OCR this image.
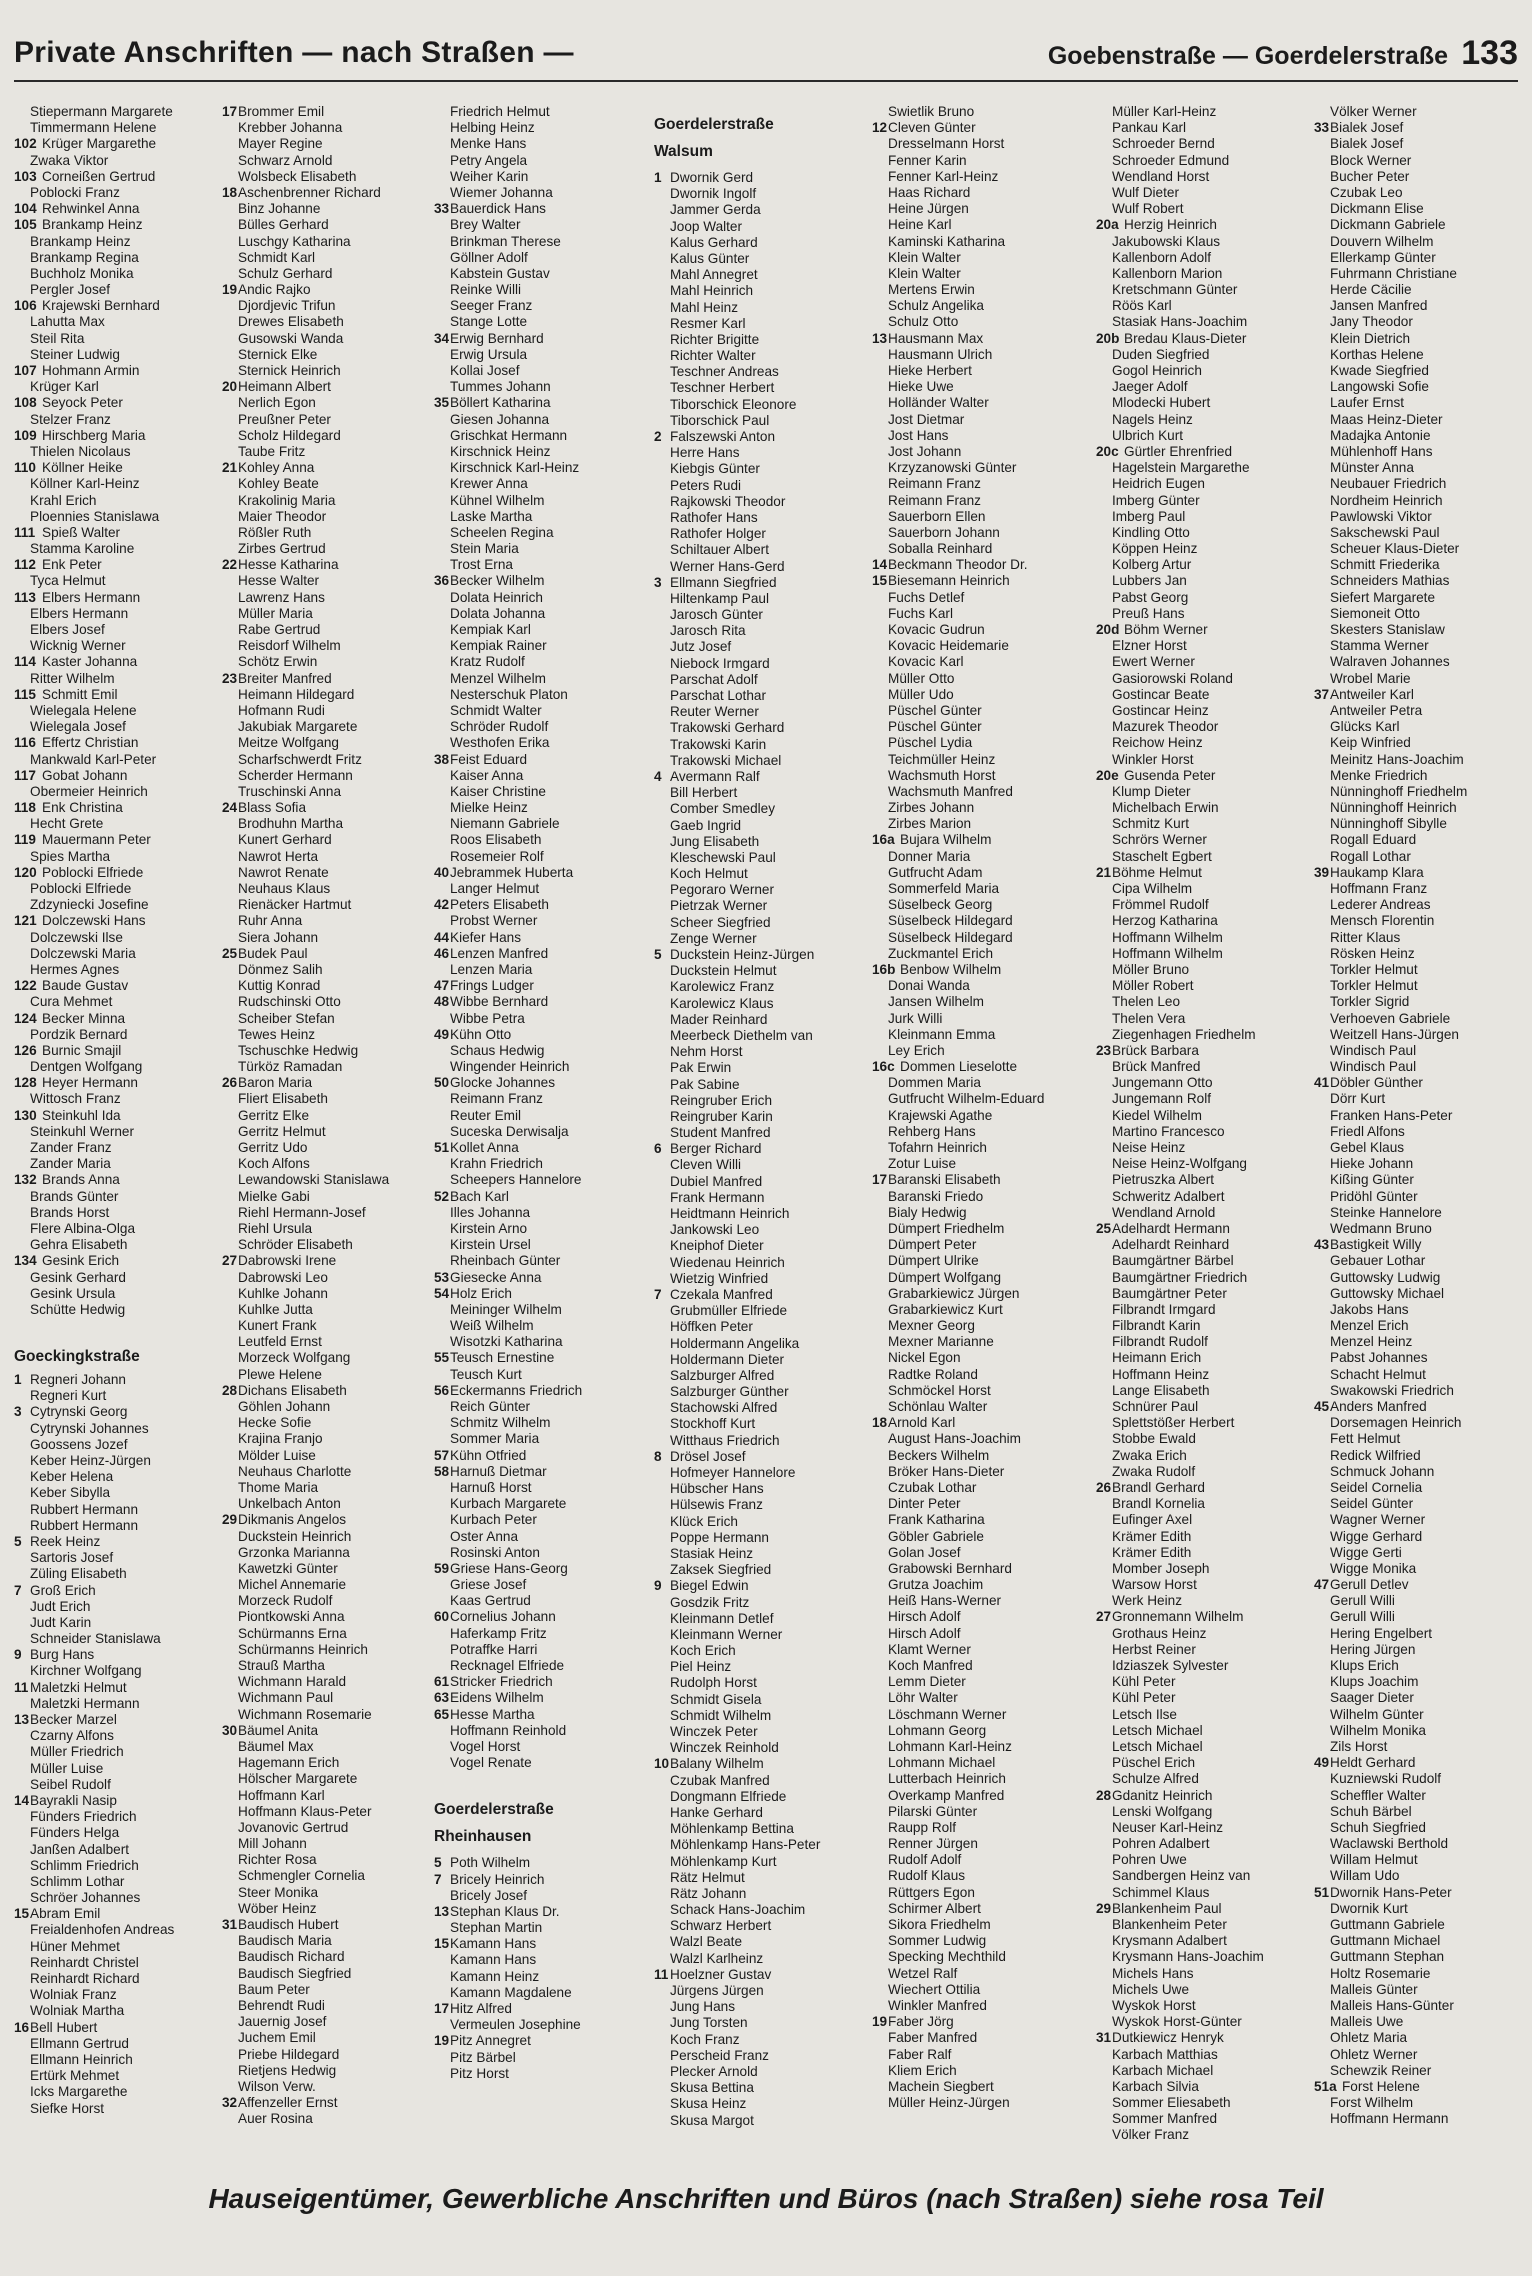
Private Anschriften — nach Straßen —	Goebenstraße — Goerdelerstraße 133
Stiepermann Margarete
Timmermann Helene
102 Krüger Margarethe
Zwaka Viktor
103 Corneißen Gertrud
Poblocki Franz
104 Rehwinkel Anna
105 Brankamp Heinz
Brankamp Heinz
Brankamp Regina
Buchholz Monika
Pergler Josef
106 Krajewski Bernhard
Lahutta Max
Steil Rita
Steiner Ludwig
107 Hohmann Armin
Krüger Karl
108 Seyock Peter
Stelzer Franz
109 Hirschberg Maria
Thielen Nicolaus
110 Köllner Heike
Köllner Karl-Heinz
Krahl Erich
Ploennies Stanislawa
111 Spieß Walter
Stamma Karoline
112 Enk Peter
Tyca Helmut
113 Elbers Hermann
Elbers Hermann
Elbers Josef
Wicknig Werner
114 Kaster Johanna
Ritter Wilhelm
115 Schmitt Emil
Wielegala Helene
Wielegala Josef
116 Effertz Christian
Mankwald Karl-Peter
117 Gobat Johann
Obermeier Heinrich
118 Enk Christina
Hecht Grete
119 Mauermann Peter
Spies Martha
120 Poblocki Elfriede
Poblocki Elfriede
Zdzyniecki Josefine
121 Dolczewski Hans
Dolczewski Ilse
Dolczewski Maria
Hermes Agnes
122 Baude Gustav
Cura Mehmet
124 Becker Minna
Pordzik Bernard
126 Burnic Smajil
Dentgen Wolfgang
128 Heyer Hermann
Wittosch Franz
130 Steinkuhl Ida
Steinkuhl Werner
Zander Franz
Zander Maria
132 Brands Anna
Brands Günter
Brands Horst
Flere Albina-Olga
Gehra Elisabeth
134 Gesink Erich
Gesink Gerhard
Gesink Ursula
Schütte Hedwig
Goeckingkstraße
1 Regneri Johann
Regneri Kurt
3 Cytrynski Georg
Cytrynski Johannes
Goossens Jozef
Keber Heinz-Jürgen
Keber Helena
Keber Sibylla
Rubbert Hermann
Rubbert Hermann
5 Reek Heinz
Sartoris Josef
Züling Elisabeth
7 Groß Erich
Judt Erich
Judt Karin
Schneider Stanislawa
9 Burg Hans
Kirchner Wolfgang
11 Maletzki Helmut
Maletzki Hermann
13 Becker Marzel
Czarny Alfons
Müller Friedrich
Müller Luise
Seibel Rudolf
14 Bayrakli Nasip
Fünders Friedrich
Fünders Helga
Janßen Adalbert
Schlimm Friedrich
Schlimm Lothar
Schröer Johannes
15 Abram Emil
Freialdenhofen Andreas
Hüner Mehmet
Reinhardt Christel
Reinhardt Richard
Wolniak Franz
Wolniak Martha
16 Bell Hubert
Ellmann Gertrud
Ellmann Heinrich
Ertürk Mehmet
Icks Margarethe
Siefke Horst
17 Brommer Emil
Krebber Johanna
Mayer Regine
Schwarz Arnold
Wolsbeck Elisabeth
18 Aschenbrenner Richard
Binz Johanne
Bülles Gerhard
Luschgy Katharina
Schmidt Karl
Schulz Gerhard
19 Andic Rajko
Djordjevic Trifun
Drewes Elisabeth
Gusowski Wanda
Sternick Elke
Sternick Heinrich
20 Heimann Albert
Nerlich Egon
Preußner Peter
Scholz Hildegard
Taube Fritz
21 Kohley Anna
Kohley Beate
Krakolinig Maria
Maier Theodor
Rößler Ruth
Zirbes Gertrud
22 Hesse Katharina
Hesse Walter
Lawrenz Hans
Müller Maria
Rabe Gertrud
Reisdorf Wilhelm
Schötz Erwin
23 Breiter Manfred
Heimann Hildegard
Hofmann Rudi
Jakubiak Margarete
Meitze Wolfgang
Scharfschwerdt Fritz
Scherder Hermann
Truschinski Anna
24 Blass Sofia
Brodhuhn Martha
Kunert Gerhard
Nawrot Herta
Nawrot Renate
Neuhaus Klaus
Rienäcker Hartmut
Ruhr Anna
Siera Johann
25 Budek Paul
Dönmez Salih
Kuttig Konrad
Rudschinski Otto
Scheiber Stefan
Tewes Heinz
Tschuschke Hedwig
Türköz Ramadan
26 Baron Maria
Fliert Elisabeth
Gerritz Elke
Gerritz Helmut
Gerritz Udo
Koch Alfons
Lewandowski Stanislawa
Mielke Gabi
Riehl Hermann-Josef
Riehl Ursula
Schröder Elisabeth
27 Dabrowski Irene
Dabrowski Leo
Kuhlke Johann
Kuhlke Jutta
Kunert Frank
Leutfeld Ernst
Morzeck Wolfgang
Plewe Helene
28 Dichans Elisabeth
Göhlen Johann
Hecke Sofie
Krajina Franjo
Mölder Luise
Neuhaus Charlotte
Thome Maria
Unkelbach Anton
29 Dikmanis Angelos
Duckstein Heinrich
Grzonka Marianna
Kawetzki Günter
Michel Annemarie
Morzeck Rudolf
Piontkowski Anna
Schürmanns Erna
Schürmanns Heinrich
Strauß Martha
Wichmann Harald
Wichmann Paul
Wichmann Rosemarie
30 Bäumel Anita
Bäumel Max
Hagemann Erich
Hölscher Margarete
Hoffmann Karl
Hoffmann Klaus-Peter
Jovanovic Gertrud
Mill Johann
Richter Rosa
Schmengler Cornelia
Steer Monika
Wöber Heinz
31 Baudisch Hubert
Baudisch Maria
Baudisch Richard
Baudisch Siegfried
Baum Peter
Behrendt Rudi
Jauernig Josef
Juchem Emil
Priebe Hildegard
Rietjens Hedwig
Wilson Verw.
32 Affenzeller Ernst
Auer Rosina
Friedrich Helmut
Helbing Heinz
Menke Hans
Petry Angela
Weiher Karin
Wiemer Johanna
33 Bauerdick Hans
Brey Walter
Brinkman Therese
Göllner Adolf
Kabstein Gustav
Reinke Willi
Seeger Franz
Stange Lotte
34 Erwig Bernhard
Erwig Ursula
Kollai Josef
Tummes Johann
35 Böllert Katharina
Giesen Johanna
Grischkat Hermann
Kirschnick Heinz
Kirschnick Karl-Heinz
Krewer Anna
Kühnel Wilhelm
Laske Martha
Scheelen Regina
Stein Maria
Trost Erna
36 Becker Wilhelm
Dolata Heinrich
Dolata Johanna
Kempiak Karl
Kempiak Rainer
Kratz Rudolf
Menzel Wilhelm
Nesterschuk Platon
Schmidt Walter
Schröder Rudolf
Westhofen Erika
38 Feist Eduard
Kaiser Anna
Kaiser Christine
Mielke Heinz
Niemann Gabriele
Roos Elisabeth
Rosemeier Rolf
40 Jebrammek Huberta
Langer Helmut
42 Peters Elisabeth
Probst Werner
44 Kiefer Hans
46 Lenzen Manfred
Lenzen Maria
47 Frings Ludger
48 Wibbe Bernhard
Wibbe Petra
49 Kühn Otto
Schaus Hedwig
Wingender Heinrich
50 Glocke Johannes
Reimann Franz
Reuter Emil
Suceska Derwisalja
51 Kollet Anna
Krahn Friedrich
Scheepers Hannelore
52 Bach Karl
Illes Johanna
Kirstein Arno
Kirstein Ursel
Rheinbach Günter
53 Giesecke Anna
54 Holz Erich
Meininger Wilhelm
Weiß Wilhelm
Wisotzki Katharina
55 Teusch Ernestine
Teusch Kurt
56 Eckermanns Friedrich
Reich Günter
Schmitz Wilhelm
Sommer Maria
57 Kühn Otfried
58 Harnuß Dietmar
Harnuß Horst
Kurbach Margarete
Kurbach Peter
Oster Anna
Rosinski Anton
59 Griese Hans-Georg
Griese Josef
Kaas Gertrud
60 Cornelius Johann
Haferkamp Fritz
Potraffke Harri
Recknagel Elfriede
61 Stricker Friedrich
63 Eidens Wilhelm
65 Hesse Martha
Hoffmann Reinhold
Vogel Horst
Vogel Renate
Goerdelerstraße
Rheinhausen
5 Poth Wilhelm
7 Bricely Heinrich
Bricely Josef
13 Stephan Klaus Dr.
Stephan Martin
15 Kamann Hans
Kamann Hans
Kamann Heinz
Kamann Magdalene
17 Hitz Alfred
Vermeulen Josephine
19 Pitz Annegret
Pitz Bärbel
Pitz Horst
Goerdelerstraße
Walsum
1 Dwornik Gerd
Dwornik Ingolf
Jammer Gerda
Joop Walter
Kalus Gerhard
Kalus Günter
Mahl Annegret
Mahl Heinrich
Mahl Heinz
Resmer Karl
Richter Brigitte
Richter Walter
Teschner Andreas
Teschner Herbert
Tiborschick Eleonore
Tiborschick Paul
2 Falszewski Anton
Herre Hans
Kiebgis Günter
Peters Rudi
Rajkowski Theodor
Rathofer Hans
Rathofer Holger
Schiltauer Albert
Werner Hans-Gerd
3 Ellmann Siegfried
Hiltenkamp Paul
Jarosch Günter
Jarosch Rita
Jutz Josef
Niebock Irmgard
Parschat Adolf
Parschat Lothar
Reuter Werner
Trakowski Gerhard
Trakowski Karin
Trakowski Michael
4 Avermann Ralf
Bill Herbert
Comber Smedley
Gaeb Ingrid
Jung Elisabeth
Kleschewski Paul
Koch Helmut
Pegoraro Werner
Pietrzak Werner
Scheer Siegfried
Zenge Werner
5 Duckstein Heinz-Jürgen
Duckstein Helmut
Karolewicz Franz
Karolewicz Klaus
Mader Reinhard
Meerbeck Diethelm van
Nehm Horst
Pak Erwin
Pak Sabine
Reingruber Erich
Reingruber Karin
Student Manfred
6 Berger Richard
Cleven Willi
Dubiel Manfred
Frank Hermann
Heidtmann Heinrich
Jankowski Leo
Kneiphof Dieter
Wiedenau Heinrich
Wietzig Winfried
7 Czekala Manfred
Grubmüller Elfriede
Höffken Peter
Holdermann Angelika
Holdermann Dieter
Salzburger Alfred
Salzburger Günther
Stachowski Alfred
Stockhoff Kurt
Witthaus Friedrich
8 Drösel Josef
Hofmeyer Hannelore
Hübscher Hans
Hülsewis Franz
Klück Erich
Poppe Hermann
Stasiak Heinz
Zaksek Siegfried
9 Biegel Edwin
Gosdzik Fritz
Kleinmann Detlef
Kleinmann Werner
Koch Erich
Piel Heinz
Rudolph Horst
Schmidt Gisela
Schmidt Wilhelm
Winczek Peter
Winczek Reinhold
10 Balany Wilhelm
Czubak Manfred
Dongmann Elfriede
Hanke Gerhard
Möhlenkamp Bettina
Möhlenkamp Hans-Peter
Möhlenkamp Kurt
Rätz Helmut
Rätz Johann
Schack Hans-Joachim
Schwarz Herbert
Walzl Beate
Walzl Karlheinz
11 Hoelzner Gustav
Jürgens Jürgen
Jung Hans
Jung Torsten
Koch Franz
Perscheid Franz
Plecker Arnold
Skusa Bettina
Skusa Heinz
Skusa Margot
Swietlik Bruno
12 Cleven Günter
Dresselmann Horst
Fenner Karin
Fenner Karl-Heinz
Haas Richard
Heine Jürgen
Heine Karl
Kaminski Katharina
Klein Walter
Klein Walter
Mertens Erwin
Schulz Angelika
Schulz Otto
13 Hausmann Max
Hausmann Ulrich
Hieke Herbert
Hieke Uwe
Holländer Walter
Jost Dietmar
Jost Hans
Jost Johann
Krzyzanowski Günter
Reimann Franz
Reimann Franz
Sauerborn Ellen
Sauerborn Johann
Soballa Reinhard
14 Beckmann Theodor Dr.
15 Biesemann Heinrich
Fuchs Detlef
Fuchs Karl
Kovacic Gudrun
Kovacic Heidemarie
Kovacic Karl
Müller Otto
Müller Udo
Püschel Günter
Püschel Günter
Püschel Lydia
Teichmüller Heinz
Wachsmuth Horst
Wachsmuth Manfred
Zirbes Johann
Zirbes Marion
16a Bujara Wilhelm
Donner Maria
Gutfrucht Adam
Sommerfeld Maria
Süselbeck Georg
Süselbeck Hildegard
Süselbeck Hildegard
Zuckmantel Erich
16b Benbow Wilhelm
Donai Wanda
Jansen Wilhelm
Jurk Willi
Kleinmann Emma
Ley Erich
16c Dommen Lieselotte
Dommen Maria
Gutfrucht Wilhelm-Eduard
Krajewski Agathe
Rehberg Hans
Tofahrn Heinrich
Zotur Luise
17 Baranski Elisabeth
Baranski Friedo
Bialy Hedwig
Dümpert Friedhelm
Dümpert Peter
Dümpert Ulrike
Dümpert Wolfgang
Grabarkiewicz Jürgen
Grabarkiewicz Kurt
Mexner Georg
Mexner Marianne
Nickel Egon
Radtke Roland
Schmöckel Horst
Schönlau Walter
18 Arnold Karl
August Hans-Joachim
Beckers Wilhelm
Bröker Hans-Dieter
Czubak Lothar
Dinter Peter
Frank Katharina
Göbler Gabriele
Golan Josef
Grabowski Bernhard
Grutza Joachim
Heiß Hans-Werner
Hirsch Adolf
Hirsch Adolf
Klamt Werner
Koch Manfred
Lemm Dieter
Löhr Walter
Löschmann Werner
Lohmann Georg
Lohmann Karl-Heinz
Lohmann Michael
Lutterbach Heinrich
Overkamp Manfred
Pilarski Günter
Raupp Rolf
Renner Jürgen
Rudolf Adolf
Rudolf Klaus
Rüttgers Egon
Schirmer Albert
Sikora Friedhelm
Sommer Ludwig
Specking Mechthild
Wetzel Ralf
Wiechert Ottilia
Winkler Manfred
19 Faber Jörg
Faber Manfred
Faber Ralf
Kliem Erich
Machein Siegbert
Müller Heinz-Jürgen
Müller Karl-Heinz
Pankau Karl
Schroeder Bernd
Schroeder Edmund
Wendland Horst
Wulf Dieter
Wulf Robert
20a Herzig Heinrich
Jakubowski Klaus
Kallenborn Adolf
Kallenborn Marion
Kretschmann Günter
Röös Karl
Stasiak Hans-Joachim
20b Bredau Klaus-Dieter
Duden Siegfried
Gogol Heinrich
Jaeger Adolf
Mlodecki Hubert
Nagels Heinz
Ulbrich Kurt
20c Gürtler Ehrenfried
Hagelstein Margarethe
Heidrich Eugen
Imberg Günter
Imberg Paul
Kindling Otto
Köppen Heinz
Kolberg Artur
Lubbers Jan
Pabst Georg
Preuß Hans
20d Böhm Werner
Elzner Horst
Ewert Werner
Gasiorowski Roland
Gostincar Beate
Gostincar Heinz
Mazurek Theodor
Reichow Heinz
Winkler Horst
20e Gusenda Peter
Klump Dieter
Michelbach Erwin
Schmitz Kurt
Schrörs Werner
Staschelt Egbert
21 Böhme Helmut
Cipa Wilhelm
Frömmel Rudolf
Herzog Katharina
Hoffmann Wilhelm
Hoffmann Wilhelm
Möller Bruno
Möller Robert
Thelen Leo
Thelen Vera
Ziegenhagen Friedhelm
23 Brück Barbara
Brück Manfred
Jungemann Otto
Jungemann Rolf
Kiedel Wilhelm
Martino Francesco
Neise Heinz
Neise Heinz-Wolfgang
Pietruszka Albert
Schweritz Adalbert
Wendland Arnold
25 Adelhardt Hermann
Adelhardt Reinhard
Baumgärtner Bärbel
Baumgärtner Friedrich
Baumgärtner Peter
Filbrandt Irmgard
Filbrandt Karin
Filbrandt Rudolf
Heimann Erich
Hoffmann Heinz
Lange Elisabeth
Schnürer Paul
Splettstößer Herbert
Stobbe Ewald
Zwaka Erich
Zwaka Rudolf
26 Brandl Gerhard
Brandl Kornelia
Eufinger Axel
Krämer Edith
Krämer Edith
Momber Joseph
Warsow Horst
Werk Heinz
27 Gronnemann Wilhelm
Grothaus Heinz
Herbst Reiner
Idziaszek Sylvester
Kühl Peter
Kühl Peter
Letsch Ilse
Letsch Michael
Letsch Michael
Püschel Erich
Schulze Alfred
28 Gdanitz Heinrich
Lenski Wolfgang
Neuser Karl-Heinz
Pohren Adalbert
Pohren Uwe
Sandbergen Heinz van
Schimmel Klaus
29 Blankenheim Paul
Blankenheim Peter
Krysmann Adalbert
Krysmann Hans-Joachim
Michels Hans
Michels Uwe
Wyskok Horst
Wyskok Horst-Günter
31 Dutkiewicz Henryk
Karbach Matthias
Karbach Michael
Karbach Silvia
Sommer Eliesabeth
Sommer Manfred
Völker Franz
Völker Werner
33 Bialek Josef
Bialek Josef
Block Werner
Bucher Peter
Czubak Leo
Dickmann Elise
Dickmann Gabriele
Douvern Wilhelm
Ellerkamp Günter
Fuhrmann Christiane
Herde Cäcilie
Jansen Manfred
Jany Theodor
Klein Dietrich
Korthas Helene
Kwade Siegfried
Langowski Sofie
Laufer Ernst
Maas Heinz-Dieter
Madajka Antonie
Mühlenhoff Hans
Münster Anna
Neubauer Friedrich
Nordheim Heinrich
Pawlowski Viktor
Sakschewski Paul
Scheuer Klaus-Dieter
Schmitt Friederika
Schneiders Mathias
Siefert Margarete
Siemoneit Otto
Skesters Stanislaw
Stamma Werner
Walraven Johannes
Wrobel Marie
37 Antweiler Karl
Antweiler Petra
Glücks Karl
Keip Winfried
Meinitz Hans-Joachim
Menke Friedrich
Nünninghoff Friedhelm
Nünninghoff Heinrich
Nünninghoff Sibylle
Rogall Eduard
Rogall Lothar
39 Haukamp Klara
Hoffmann Franz
Lederer Andreas
Mensch Florentin
Ritter Klaus
Rösken Heinz
Torkler Helmut
Torkler Helmut
Torkler Sigrid
Verhoeven Gabriele
Weitzell Hans-Jürgen
Windisch Paul
Windisch Paul
41 Döbler Günther
Dörr Kurt
Franken Hans-Peter
Friedl Alfons
Gebel Klaus
Hieke Johann
Kißing Günter
Pridöhl Günter
Steinke Hannelore
Wedmann Bruno
43 Bastigkeit Willy
Gebauer Lothar
Guttowsky Ludwig
Guttowsky Michael
Jakobs Hans
Menzel Erich
Menzel Heinz
Pabst Johannes
Schacht Helmut
Swakowski Friedrich
45 Anders Manfred
Dorsemagen Heinrich
Fett Helmut
Redick Wilfried
Schmuck Johann
Seidel Cornelia
Seidel Günter
Wagner Werner
Wigge Gerhard
Wigge Gerti
Wigge Monika
47 Gerull Detlev
Gerull Willi
Gerull Willi
Hering Engelbert
Hering Jürgen
Klups Erich
Klups Joachim
Saager Dieter
Wilhelm Günter
Wilhelm Monika
Zils Horst
49 Heldt Gerhard
Kuzniewski Rudolf
Scheffler Walter
Schuh Bärbel
Schuh Siegfried
Waclawski Berthold
Willam Helmut
Willam Udo
51 Dwornik Hans-Peter
Dwornik Kurt
Guttmann Gabriele
Guttmann Michael
Guttmann Stephan
Holtz Rosemarie
Malleis Günter
Malleis Hans-Günter
Malleis Uwe
Ohletz Maria
Ohletz Werner
Schewzik Reiner
51a Forst Helene
Forst Wilhelm
Hoffmann Hermann
Hauseigentümer, Gewerbliche Anschriften und Büros (nach Straßen) siehe rosa Teil
